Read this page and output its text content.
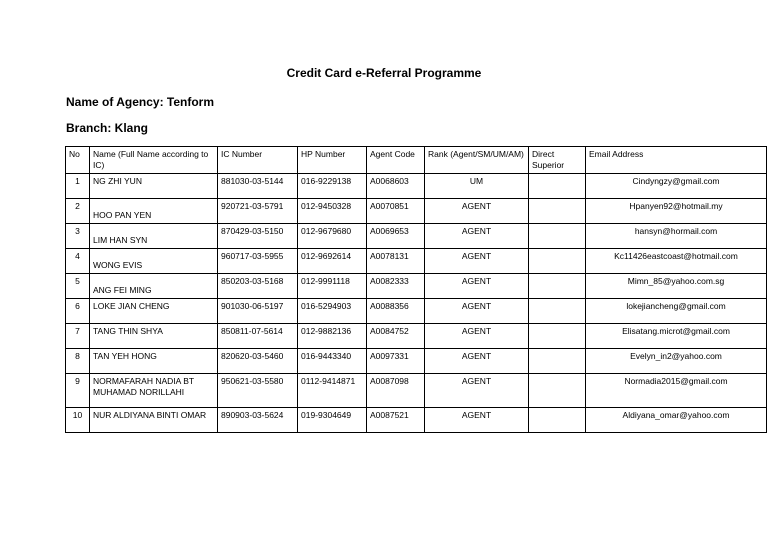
Credit Card e-Referral Programme
Name of Agency: Tenform
Branch: Klang
No	Name (Full Name according to IC)	IC Number	HP Number	Agent Code	Rank (Agent/SM/UM/AM)	Direct Superior	Email Address
1	NG ZHI YUN	881030-03-5144	016-9229138	A0068603	UM		Cindyngzy@gmail.com
2	HOO PAN YEN	920721-03-5791	012-9450328	A0070851	AGENT		Hpanyen92@hotmail.my
3	LIM HAN SYN	870429-03-5150	012-9679680	A0069653	AGENT		hansyn@hormail.com
4	WONG EVIS	960717-03-5955	012-9692614	A0078131	AGENT		Kc11426eastcoast@hotmail.com
5	ANG FEI MING	850203-03-5168	012-9991118	A0082333	AGENT		Mimn_85@yahoo.com.sg
6	LOKE JIAN CHENG	901030-06-5197	016-5294903	A0088356	AGENT		lokejiancheng@gmail.com
7	TANG THIN SHYA	850811-07-5614	012-9882136	A0084752	AGENT		Elisatang.microt@gmail.com
8	TAN YEH HONG	820620-03-5460	016-9443340	A0097331	AGENT		Evelyn_in2@yahoo.com
9	NORMAFARAH NADIA BT MUHAMAD NORILLAHI	950621-03-5580	0112-9414871	A0087098	AGENT		Normadia2015@gmail.com
10	NUR ALDIYANA BINTI OMAR	890903-03-5624	019-9304649	A0087521	AGENT		Aldiyana_omar@yahoo.com
